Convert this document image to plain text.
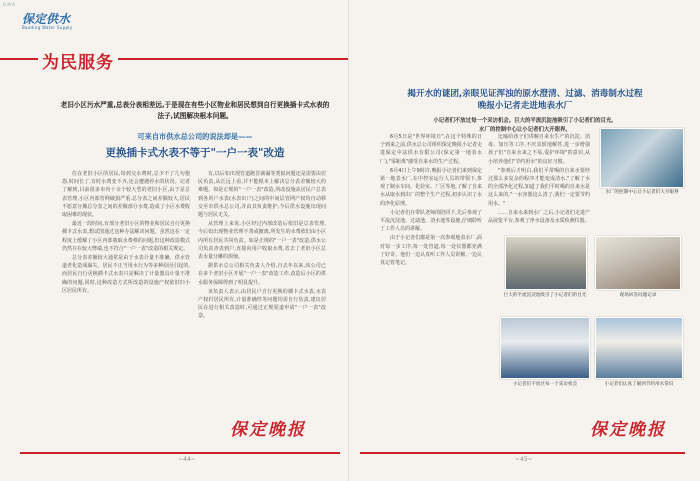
G M A
保定供水
Baoding Water Supply
为民服务
老旧小区污水严重,总表分表相差远,于是现在有些小区物业和居民想到自行更换插卡式水表的法子,试图解决根本问题。
可来自市供水总公司的说法却是——
更换插卡式水表不等于"一户一表"改造

住在老旧小区的居民,每到交水费时,总少不了几句抱怨,时间长了,有时水费变不齐,还会遭遇停水的状况。记者了解到,目前很多市内十余个较大型的老旧小区,由于是总表管理,小区内部管网破损严重,总分表之间差额较大,居民不愿意分摊总分表之间的差额部分水费,造成了小区水费收取困难的现状。

最近一段时间,有部分老旧小区的物业和居民自行更换插卡式水表,想试图通过这种办法解决问题。虽然这在一定程度上缓解了小区内部收取水费难的问题,但这种改造模式仍然存在较大弊端,也不符合"一户一表"改造的相关规定。

总分表差额较大通常是由于水表计量不准确、供水管道老化造成漏失、居民不正当用水行为等多种原因引起的,而居民自行更换插卡式水表只是解决了计量器具计量不准确的问题,同时,这种改造方式所改造的设施产权依旧归小区居民所有。

有,以后如出现管道跑冒滴漏等类似问题还是需要由居民负责,从长远上看,并不能根本上解决总分表差额较大的难题。如是正规的"一户一表"改造,所改设施从居民户总表到各用户水表(水表出户)之间的中间层管网产权均自动移交至市供水总公司,并由其负责维护,今后供水设施出现问题与居民无关。

从管理上来说,小区经过内部改造后依旧是总表管理,今后如出现物业管理不善或撤离,所发生的水费依旧由小区内所有居民共同负责。如是正规的"一户一表"改造,供水公司负责查表到户,直接向用户收取水费,省去了老旧小区总表水量分摊的烦恼。

据供水总公司相关负责人介绍,自去年以来,该公司已在多个老旧小区开展"一户一表"改造工作,改造后小区的供水服务保障得到了明显提升。

该负责人表示,由居民户自行更换的插卡式水表,水表产权归居民所有,计量准确性等问题均需自行负责,建议居民在进行相关改造时,可通过正规渠道申请"一户一表"改造。

保定晚报
~44~
揭开水的谜团,亲眼见证浑浊的原水澄清、过滤、消毒制水过程
晚报小记者走进地表水厂
小记者们不放过每一个采访机会。巨大的平流沉淀池吸引了小记者们的目光。
水厂的控制中心让小记者们大开眼界。

6月5日是"世界环境日",在这个特殊的日子到来之前,供水总公司组织保定晚报小记者走进保定中法供水有限公司(保定第一地表水厂),"零距离"感受自来水的生产过程。

6月4日上午9时许,晚报小记者们来到保定第一地表水厂,在中控室运行人员的带领下,参观了制水车间、化验室、厂区等地,了解了自来水从取水到出厂的整个生产过程,初步认识了水的净化原理。

小记者们在带队老师的陪同下,先后参观了平流沉淀池、过滤池、清水池等设施,仔细聆听了工作人员的讲解。

由于小记者们都是第一次参观地表水厂,面对每一步工序,每一处管道,每一处仪器都充满了好奇。他们一边认真听工作人员讲解,一边认真记着笔记。

比喻给孩子们讲解自来水生产的沉淀、消毒、加压等工序,不厌其烦地解答,进一步增强孩子们"自来水来之不易,爱护环境"的意识,从小培养他们"节约用水"的良好习惯。

"参观后才明白,我们平常喝的自来水要经过那么多复杂的程序才能变成清水,"了解了水的全部净化过程,知道了我们平时喝的自来水是这么来的,"一水容器这么清了,我们一定要节约用水。"

……自来水来到水厂之后,小记者们走进产品展览平台,参观了净水设备及水质检测仪器。

水厂的控制中心让小记者们大开眼界
巨大的平流沉淀池吸引了小记者们的目光	现场回答问题记录
小记者们不放过每一个采访机会	小记者们认真了解到节约用水常识
保定晚报
~45~
